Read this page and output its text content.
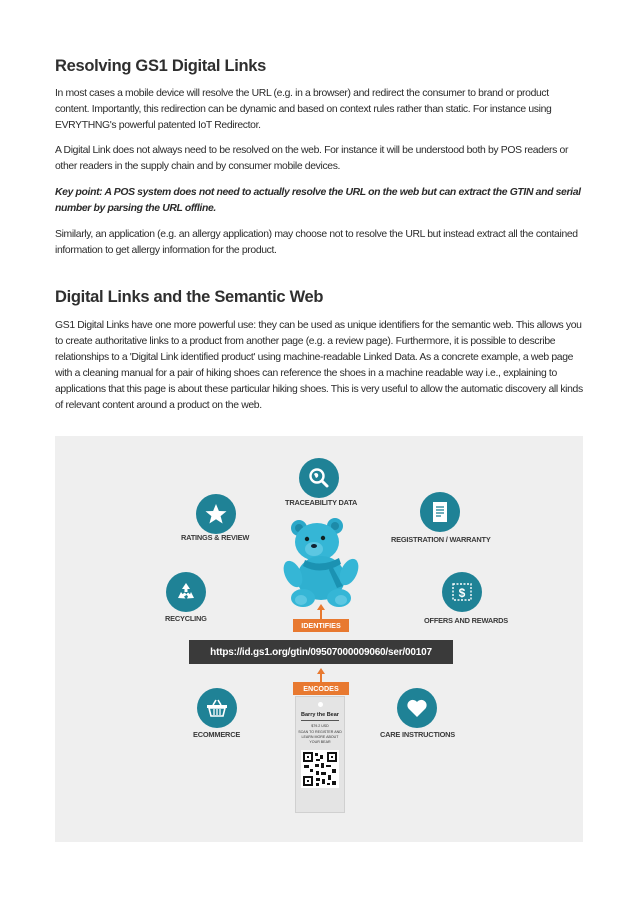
Resolving GS1 Digital Links

In most cases a mobile device will resolve the URL (e.g. in a browser) and redirect the consumer to brand or product content. Importantly, this redirection can be dynamic and based on context rules rather than static. For instance using EVRYTHNG's powerful patented IoT Redirector.

A Digital Link does not always need to be resolved on the web. For instance it will be understood both by POS readers or other readers in the supply chain and by consumer mobile devices.

Key point: A POS system does not need to actually resolve the URL on the web but can extract the GTIN and serial number by parsing the URL offline.

Similarly, an application (e.g. an allergy application) may choose not to resolve the URL but instead extract all the contained information to get allergy information for the product.

Digital Links and the Semantic Web

GS1 Digital Links have one more powerful use: they can be used as unique identifiers for the semantic web. This allows you to create authoritative links to a product from another page (e.g. a review page). Furthermore, it is possible to describe relationships to a 'Digital Link identified product' using machine-readable Linked Data. As a concrete example, a web page with a cleaning manual for a pair of hiking shoes can reference the shoes in a machine readable way i.e., explaining to applications that this page is about these particular hiking shoes. This is very useful to allow the automatic discovery all kinds of relevant content around a product on the web.

TRACEABILITY DATA
RATINGS & REVIEW	REGISTRATION / WARRANTY
RECYCLING
$
OFFERS AND REWARDS
IDENTIFIES
https://id.gs1.org/gtin/09507000009060/ser/00107
ENCODES
ECOMMERCE	CARE INSTRUCTIONS
Barry the Bear
$79.2 USD
SCAN TO REGISTER AND LEARN MORE ABOUT YOUR BEAR
